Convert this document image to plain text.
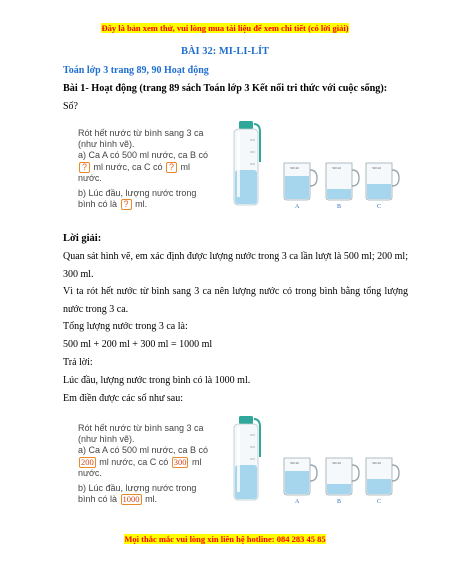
Đây là bản xem thử, vui lòng mua tài liệu để xem chi tiết (có lời giải)
BÀI 32: MI-LI-LÍT
Toán lớp 3 trang 89, 90 Hoạt động
Bài 1- Hoạt động (trang 89 sách Toán lớp 3 Kết nối tri thức với cuộc sống):
Số?

Rót hết nước từ bình sang 3 ca

(như hình vẽ).

a) Ca A có 500 ml nước, ca B có
? ml nước, ca C có ? ml
nước.

b) Lúc đầu, lượng nước trong
bình có là ? ml.

500 ml
A
500 ml
B
500 ml
C
Lời giải:
Quan sát hình vẽ, em xác định được lượng nước trong 3 ca lần lượt là 500 ml; 200 ml; 300 ml.
Vì ta rót hết nước từ bình sang 3 ca nên lượng nước có trong bình bằng tổng lượng nước trong 3 ca.
Tổng lượng nước trong 3 ca là:
500 ml + 200 ml + 300 ml = 1000 ml
Trả lời:
Lúc đầu, lượng nước trong bình có là 1000 ml.
Em điền được các số như sau:

Rót hết nước từ bình sang 3 ca

(như hình vẽ).

a) Ca A có 500 ml nước, ca B có
200 ml nước, ca C có 300 ml
nước.

b) Lúc đầu, lượng nước trong
bình có là 1000 ml.

500 ml
A
500 ml
B
500 ml
C
Mọi thắc mắc vui lòng xin liên hệ hotline: 084 283 45 85
